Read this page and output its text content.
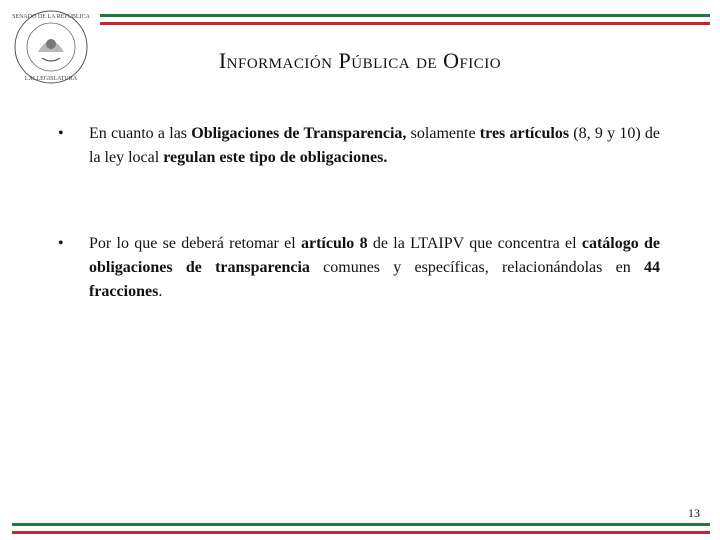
SENADO DE LA REPÚBLICA
LXI LEGISLATURA
Información Pública de Oficio
• En cuanto a las Obligaciones de Transparencia, solamente tres artículos (8, 9 y 10) de la ley local regulan este tipo de obligaciones.
• Por lo que se deberá retomar el artículo 8 de la LTAIPV que concentra el catálogo de obligaciones de transparencia comunes y específicas, relacionándolas en 44 fracciones.
13
